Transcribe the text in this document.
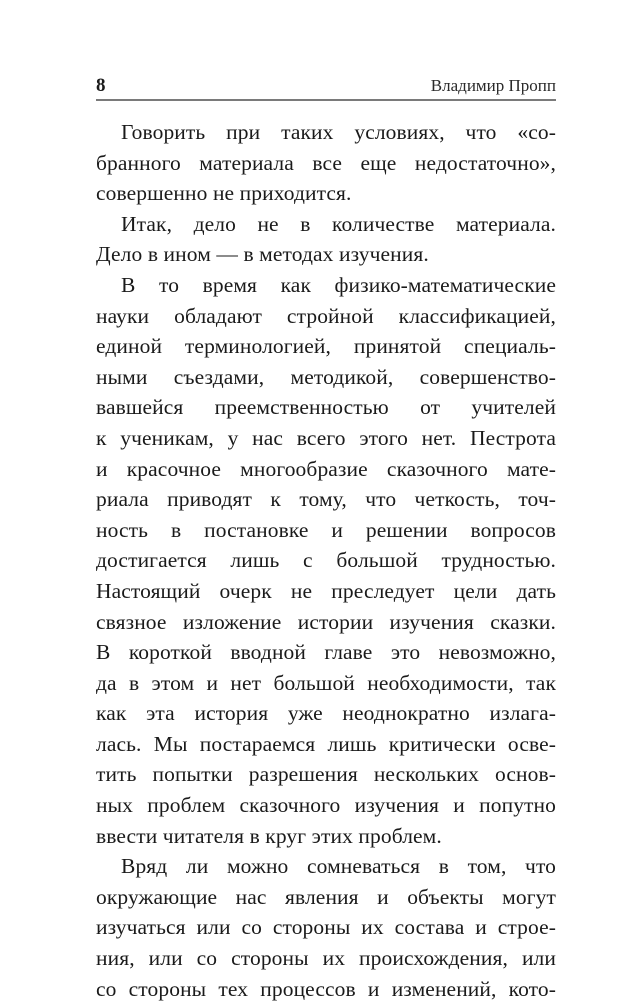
8	Владимир Пропп
Говорить при таких условиях, что «со-
бранного материала все еще недостаточно»,
совершенно не приходится.
Итак, дело не в количестве материала.
Дело в ином — в методах изучения.
В то время как физико-математические
науки обладают стройной классификацией,
единой терминологией, принятой специаль-
ными съездами, методикой, совершенство-
вавшейся преемственностью от учителей
к ученикам, у нас всего этого нет. Пестрота
и красочное многообразие сказочного мате-
риала приводят к тому, что четкость, точ-
ность в постановке и решении вопросов
достигается лишь с большой трудностью.
Настоящий очерк не преследует цели дать
связное изложение истории изучения сказки.
В короткой вводной главе это невозможно,
да в этом и нет большой необходимости, так
как эта история уже неоднократно излага-
лась. Мы постараемся лишь критически осве-
тить попытки разрешения нескольких основ-
ных проблем сказочного изучения и попутно
ввести читателя в круг этих проблем.
Вряд ли можно сомневаться в том, что
окружающие нас явления и объекты могут
изучаться или со стороны их состава и строе-
ния, или со стороны их происхождения, или
со стороны тех процессов и изменений, кото-
